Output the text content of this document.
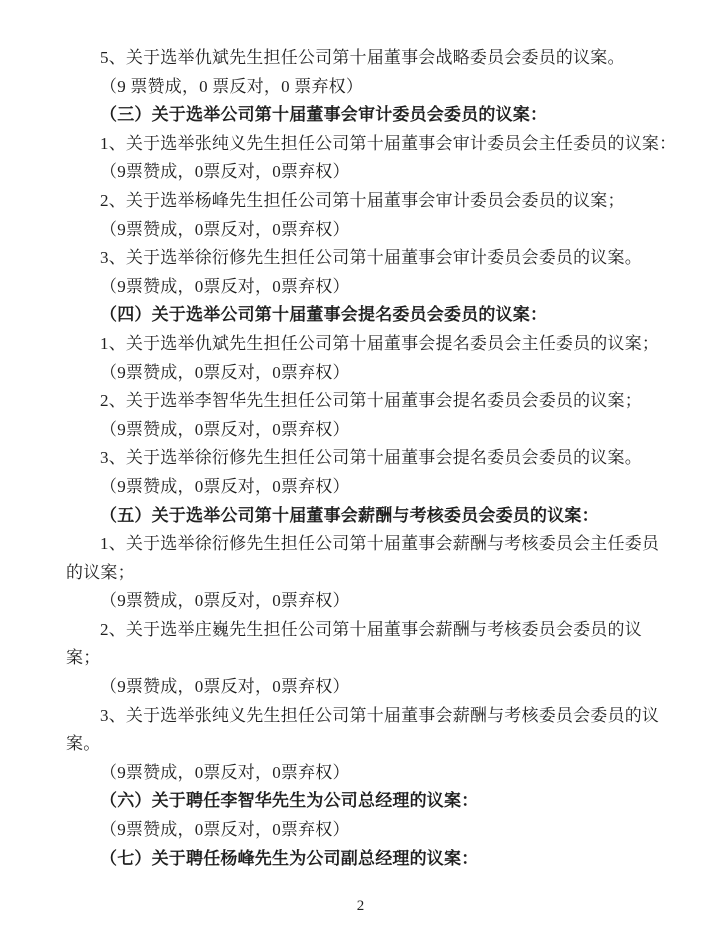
5、关于选举仇斌先生担任公司第十届董事会战略委员会委员的议案。

（9 票赞成，0 票反对，0 票弃权）

（三）关于选举公司第十届董事会审计委员会委员的议案：

1、关于选举张纯义先生担任公司第十届董事会审计委员会主任委员的议案：

（9票赞成，0票反对，0票弃权）

2、关于选举杨峰先生担任公司第十届董事会审计委员会委员的议案；

（9票赞成，0票反对，0票弃权）

3、关于选举徐衍修先生担任公司第十届董事会审计委员会委员的议案。

（9票赞成，0票反对，0票弃权）

（四）关于选举公司第十届董事会提名委员会委员的议案：

1、关于选举仇斌先生担任公司第十届董事会提名委员会主任委员的议案；

（9票赞成，0票反对，0票弃权）

2、关于选举李智华先生担任公司第十届董事会提名委员会委员的议案；

（9票赞成，0票反对，0票弃权）

3、关于选举徐衍修先生担任公司第十届董事会提名委员会委员的议案。

（9票赞成，0票反对，0票弃权）

（五）关于选举公司第十届董事会薪酬与考核委员会委员的议案：

1、关于选举徐衍修先生担任公司第十届董事会薪酬与考核委员会主任委员

的议案；

（9票赞成，0票反对，0票弃权）

2、关于选举庄巍先生担任公司第十届董事会薪酬与考核委员会委员的议

案；

（9票赞成，0票反对，0票弃权）

3、关于选举张纯义先生担任公司第十届董事会薪酬与考核委员会委员的议

案。

（9票赞成，0票反对，0票弃权）

（六）关于聘任李智华先生为公司总经理的议案：

（9票赞成，0票反对，0票弃权）

（七）关于聘任杨峰先生为公司副总经理的议案：

2
